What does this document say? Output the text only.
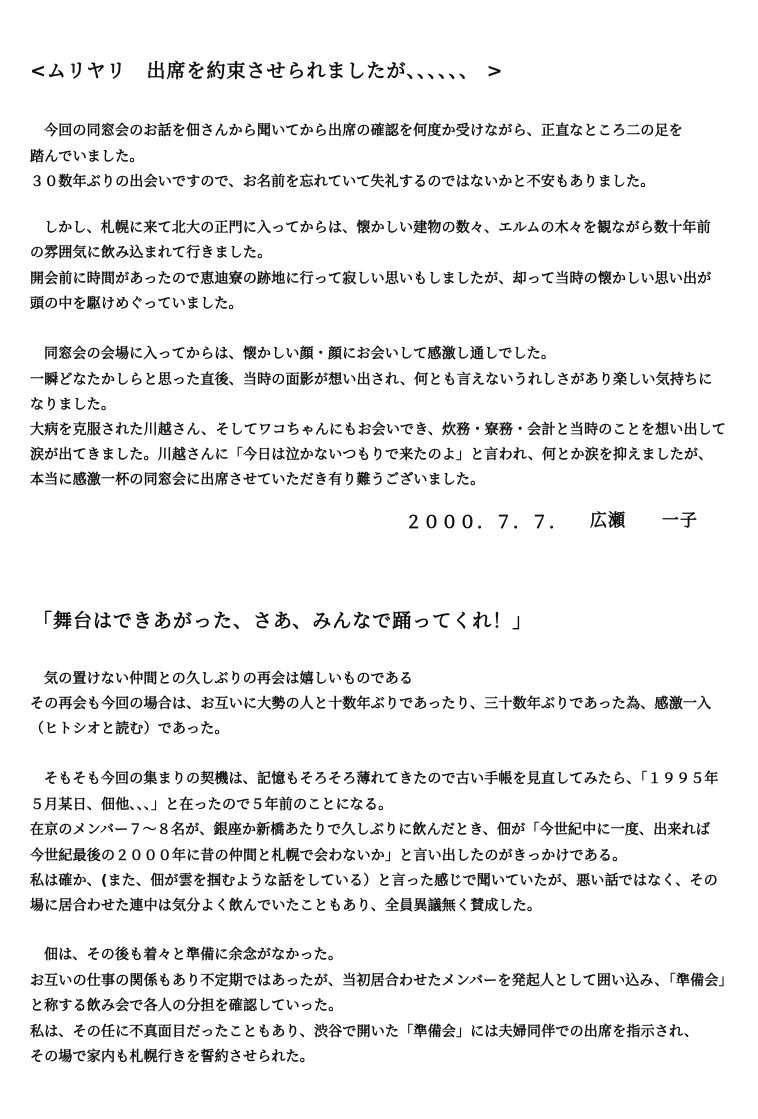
<ムリヤリ　出席を約束させられましたが、、、、、、 >
今回の同窓会のお話を佃さんから聞いてから出席の確認を何度か受けながら、正直なところ二の足を
踏んでいました。
３０数年ぶりの出会いですので、お名前を忘れていて失礼するのではないかと不安もありました。
しかし、札幌に来て北大の正門に入ってからは、懐かしい建物の数々、エルムの木々を観ながら数十年前
の雰囲気に飲み込まれて行きました。
開会前に時間があったので恵迪寮の跡地に行って寂しい思いもしましたが、却って当時の懐かしい思い出が
頭の中を駆けめぐっていました。
同窓会の会場に入ってからは、懐かしい顔・顔にお会いして感激し通しでした。
一瞬どなたかしらと思った直後、当時の面影が想い出され、何とも言えないうれしさがあり楽しい気持ちに
なりました。
大病を克服された川越さん、そしてワコちゃんにもお会いでき、炊務・寮務・会計と当時のことを想い出して
涙が出てきました。川越さんに「今日は泣かないつもりで来たのよ」と言われ、何とか涙を抑えましたが、
本当に感激一杯の同窓会に出席させていただき有り難うございました。
２０００．７．７． 広瀬　　一子
「舞台はできあがった、さあ、みんなで踊ってくれ！」
気の置けない仲間との久しぶりの再会は嬉しいものである
その再会も今回の場合は、お互いに大勢の人と十数年ぶりであったり、三十数年ぶりであった為、感激一入
（ヒトシオと読む）であった。
そもそも今回の集まりの契機は、記憶もそろそろ薄れてきたので古い手帳を見直してみたら、「１９９５年
５月某日、佃他、、、」と在ったので５年前のことになる。
在京のメンバー７～８名が、銀座か新橋あたりで久しぶりに飲んだとき、佃が「今世紀中に一度、出来れば
今世紀最後の２０００年に昔の仲間と札幌で会わないか」と言い出したのがきっかけである。
私は確か、(また、佃が雲を掴むような話をしている）と言った感じで聞いていたが、悪い話ではなく、その
場に居合わせた連中は気分よく飲んでいたこともあり、全員異議無く賛成した。
佃は、その後も着々と準備に余念がなかった。
お互いの仕事の関係もあり不定期ではあったが、当初居合わせたメンバーを発起人として囲い込み、「準備会」
と称する飲み会で各人の分担を確認していった。
私は、その任に不真面目だったこともあり、渋谷で開いた「準備会」には夫婦同伴での出席を指示され、
その場で家内も札幌行きを誓約させられた。
